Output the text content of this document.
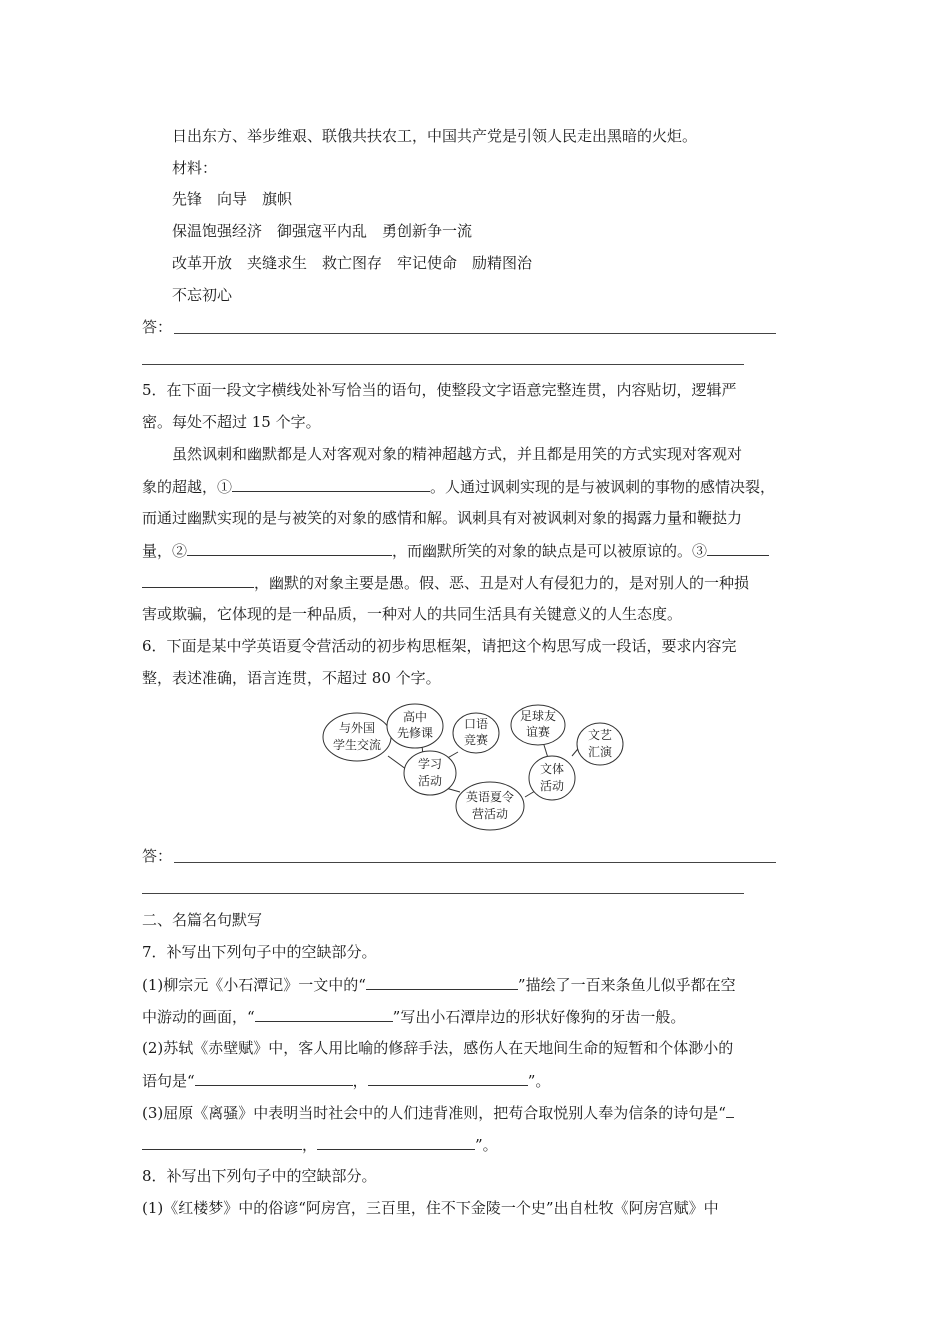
日出东方、举步维艰、联俄共扶农工，中国共产党是引领人民走出黑暗的火炬。
材料：
先锋　向导　旗帜
保温饱强经济　御强寇平内乱　勇创新争一流
改革开放　夹缝求生　救亡图存　牢记使命　励精图治
不忘初心
答：
5．在下面一段文字横线处补写恰当的语句，使整段文字语意完整连贯，内容贴切，逻辑严
密。每处不超过 15 个字。
虽然讽刺和幽默都是人对客观对象的精神超越方式，并且都是用笑的方式实现对客观对
象的超越，①	。人通过讽刺实现的是与被讽刺的事物的感情决裂，
而通过幽默实现的是与被笑的对象的感情和解。讽刺具有对被讽刺对象的揭露力量和鞭挞力
量，②	，而幽默所笑的对象的缺点是可以被原谅的。③
，幽默的对象主要是愚。假、恶、丑是对人有侵犯力的，是对别人的一种损
害或欺骗，它体现的是一种品质，一种对人的共同生活具有关键意义的人生态度。
6．下面是某中学英语夏令营活动的初步构思框架，请把这个构思写成一段话，要求内容完
整，表述准确，语言连贯，不超过 80 个字。
与外国
学生交流
高中
先修课
口语
竞赛
学习
活动
英语夏令
营活动
足球友
谊赛	文艺
汇演
文体
活动
答：
二、名篇名句默写
7．补写出下列句子中的空缺部分。
(1)柳宗元《小石潭记》一文中的“	”描绘了一百来条鱼儿似乎都在空
中游动的画面，“	”写出小石潭岸边的形状好像狗的牙齿一般。
(2)苏轼《赤壁赋》中，客人用比喻的修辞手法，感伤人在天地间生命的短暂和个体渺小的
语句是“	，	”。
(3)屈原《离骚》中表明当时社会中的人们违背准则，把苟合取悦别人奉为信条的诗句是“
，	”。
8．补写出下列句子中的空缺部分。
(1)《红楼梦》中的俗谚“阿房宫，三百里，住不下金陵一个史”出自杜牧《阿房宫赋》中
